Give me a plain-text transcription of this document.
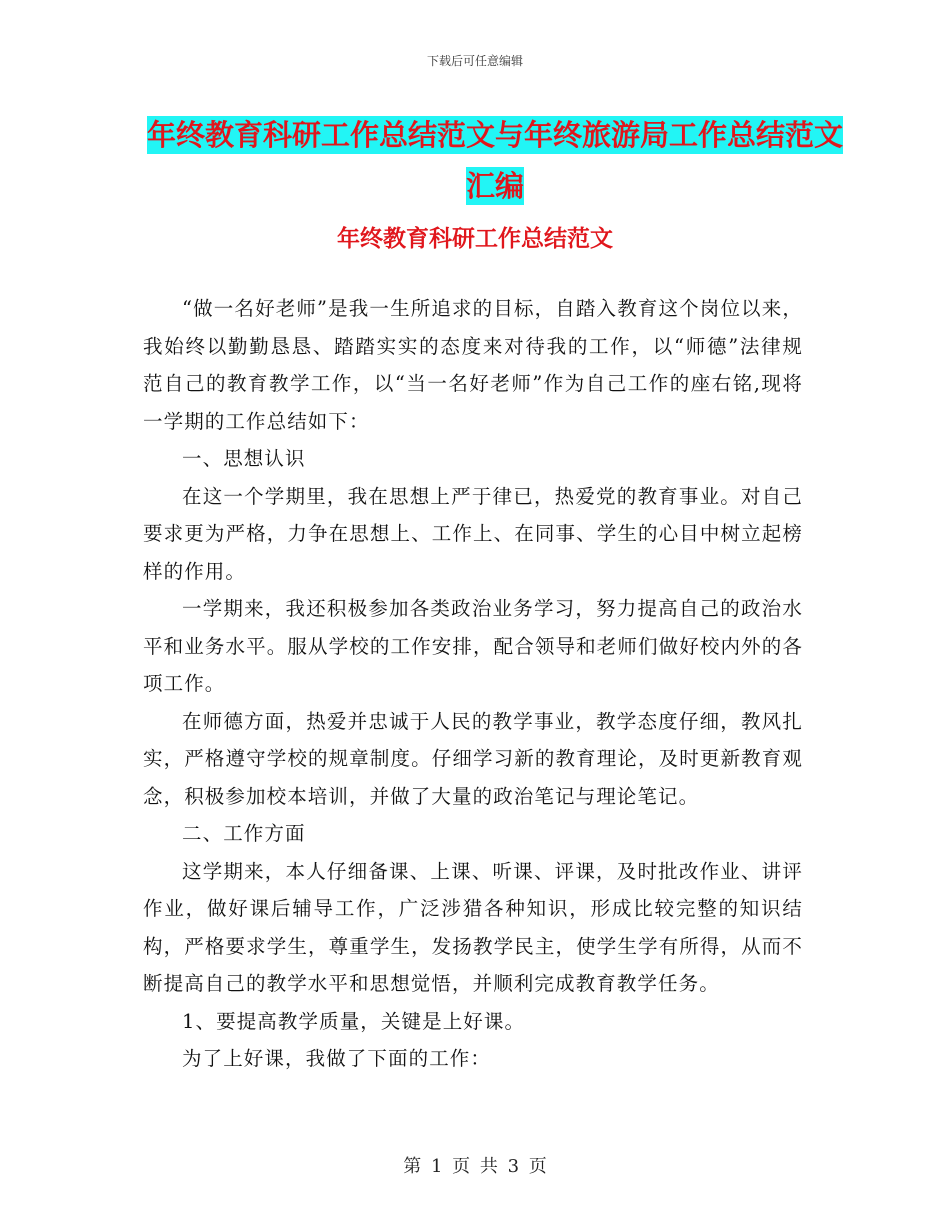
下载后可任意编辑
年终教育科研工作总结范文与年终旅游局工作总结范文汇编
年终教育科研工作总结范文

“做一名好老师”是我一生所追求的目标，自踏入教育这个岗位以来，我始终以勤勤恳恳、踏踏实实的态度来对待我的工作，以“师德”法律规范自己的教育教学工作，以“当一名好老师”作为自己工作的座右铭,现将一学期的工作总结如下：

一、思想认识

在这一个学期里，我在思想上严于律已，热爱党的教育事业。对自己要求更为严格，力争在思想上、工作上、在同事、学生的心目中树立起榜样的作用。

一学期来，我还积极参加各类政治业务学习，努力提高自己的政治水平和业务水平。服从学校的工作安排，配合领导和老师们做好校内外的各项工作。

在师德方面，热爱并忠诚于人民的教学事业，教学态度仔细，教风扎实，严格遵守学校的规章制度。仔细学习新的教育理论，及时更新教育观念，积极参加校本培训，并做了大量的政治笔记与理论笔记。

二、工作方面

这学期来，本人仔细备课、上课、听课、评课，及时批改作业、讲评作业，做好课后辅导工作，广泛涉猎各种知识，形成比较完整的知识结构，严格要求学生，尊重学生，发扬教学民主，使学生学有所得，从而不断提高自己的教学水平和思想觉悟，并顺利完成教育教学任务。

1、要提高教学质量，关键是上好课。

为了上好课，我做了下面的工作：

第 1 页 共 3 页
